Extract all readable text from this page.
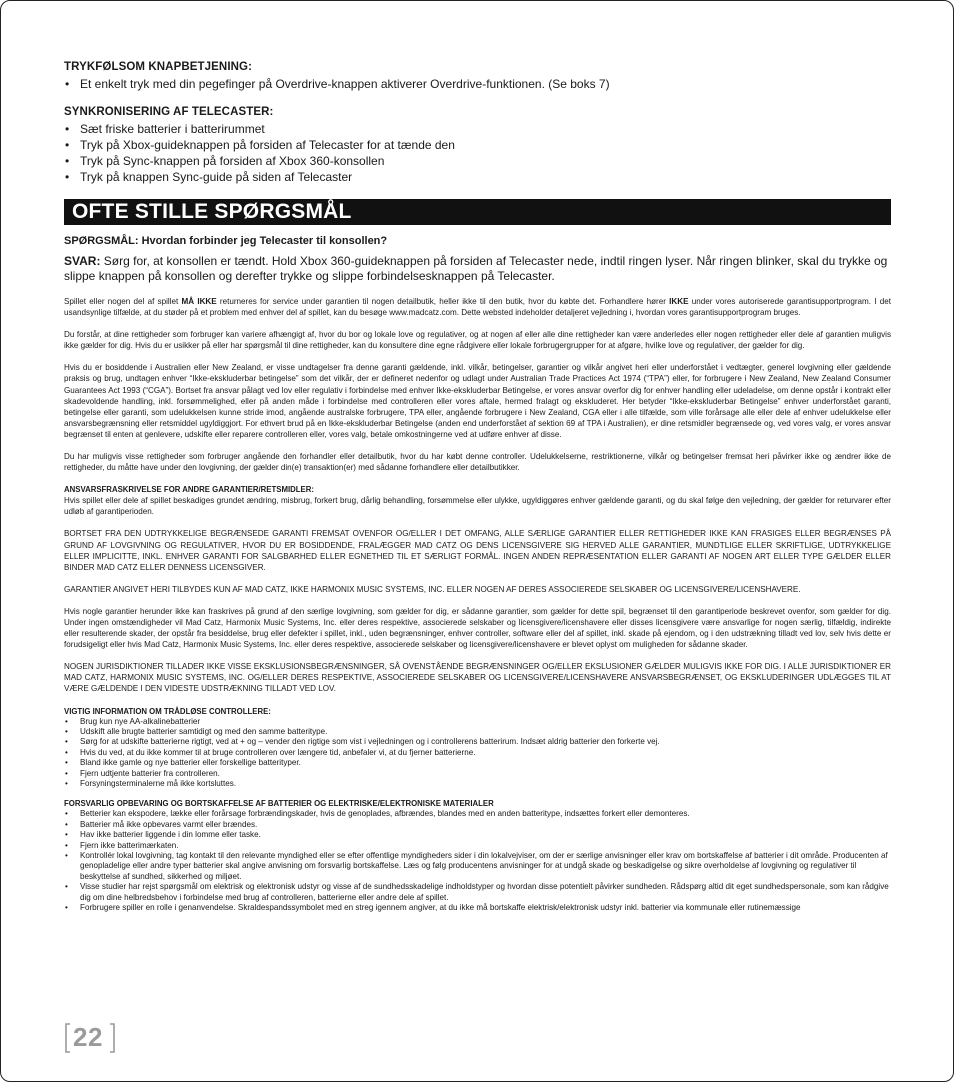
TRYKFØLSOM KNAPBETJENING:
• Et enkelt tryk med din pegefinger på Overdrive-knappen aktiverer Overdrive-funktionen. (Se boks 7)
SYNKRONISERING AF TELECASTER:
• Sæt friske batterier i batterirummet
• Tryk på Xbox-guideknappen på forsiden af Telecaster for at tænde den
• Tryk på Sync-knappen på forsiden af Xbox 360-konsollen
• Tryk på knappen Sync-guide på siden af Telecaster
OFTE STILLE SPØRGSMÅL
SPØRGSMÅL: Hvordan forbinder jeg Telecaster til konsollen?
SVAR: Sørg for, at konsollen er tændt. Hold Xbox 360-guideknappen på forsiden af Telecaster nede, indtil ringen lyser. Når ringen blinker, skal du trykke og slippe knappen på konsollen og derefter trykke og slippe forbindelsesknappen på Telecaster.

Spillet eller nogen del af spillet MÅ IKKE returneres for service under garantien til nogen detailbutik, heller ikke til den butik, hvor du købte det. Forhandlere hører IKKE under vores autoriserede garantisupportprogram. I det usandsynlige tilfælde, at du støder på et problem med enhver del af spillet, kan du besøge www.madcatz.com. Dette websted indeholder detaljeret vejledning i, hvordan vores garantisupportprogram bruges.

Du forstår, at dine rettigheder som forbruger kan variere afhængigt af, hvor du bor og lokale love og regulativer, og at nogen af eller alle dine rettigheder kan være anderledes eller nogen rettigheder eller dele af garantien muligvis ikke gælder for dig. Hvis du er usikker på eller har spørgsmål til dine rettigheder, kan du konsultere dine egne rådgivere eller lokale forbrugergrupper for at afgøre, hvilke love og regulativer, der gælder for dig.

Hvis du er bosiddende i Australien eller New Zealand, er visse undtagelser fra denne garanti gældende, inkl. vilkår, betingelser, garantier og vilkår angivet heri eller underforstået i vedtægter, generel lovgivning eller gældende praksis og brug, undtagen enhver “Ikke-ekskluderbar betingelse” som det vilkår, der er defineret nedenfor og udlagt under Australian Trade Practices Act 1974 (“TPA”) eller, for forbrugere i New Zealand, New Zealand Consumer Guarantees Act 1993 (“CGA”). Bortset fra ansvar pålagt ved lov eller regulativ i forbindelse med enhver Ikke-ekskluderbar Betingelse, er vores ansvar overfor dig for enhver handling eller udeladelse, om denne opstår i kontrakt eller skadevoldende handling, inkl. forsømmelighed, eller på anden måde i forbindelse med controlleren eller vores aftale, hermed fralagt og ekskluderet. Her betyder “Ikke-ekskluderbar Betingelse” enhver underforstået garanti, betingelse eller garanti, som udelukkelsen kunne stride imod, angående australske forbrugere, TPA eller, angående forbrugere i New Zealand, CGA eller i alle tilfælde, som ville forårsage alle eller dele af enhver udelukkelse eller ansvarsbegrænsning eller retsmiddel ugyldiggjort. For ethvert brud på en Ikke-ekskluderbar Betingelse (anden end underforstået af sektion 69 af TPA i Australien), er dine retsmidler begrænsede og, ved vores valg, er vores ansvar begrænset til enten at genlevere, udskifte eller reparere controlleren eller, vores valg, betale omkostningerne ved at udføre enhver af disse.

Du har muligvis visse rettigheder som forbruger angående den forhandler eller detailbutik, hvor du har købt denne controller. Udelukkelserne, restriktionerne, vilkår og betingelser fremsat heri påvirker ikke og ændrer ikke de rettigheder, du måtte have under den lovgivning, der gælder din(e) transaktion(er) med sådanne forhandlere eller detailbutikker.

ANSVARSFRASKRIVELSE FOR ANDRE GARANTIER/RETSMIDLER:

Hvis spillet eller dele af spillet beskadiges grundet ændring, misbrug, forkert brug, dårlig behandling, forsømmelse eller ulykke, ugyldiggøres enhver gældende garanti, og du skal følge den vejledning, der gælder for returvarer efter udløb af garantiperioden.

BORTSET FRA DEN UDTRYKKELIGE BEGRÆNSEDE GARANTI FREMSAT OVENFOR OG/ELLER I DET OMFANG, ALLE SÆRLIGE GARANTIER ELLER RETTIGHEDER IKKE KAN FRASIGES ELLER BEGRÆNSES PÅ GRUND AF LOVGIVNING OG REGULATIVER, HVOR DU ER BOSIDDENDE, FRALÆGGER MAD CATZ OG DENS LICENSGIVERE SIG HERVED ALLE GARANTIER, MUNDTLIGE ELLER SKRIFTLIGE, UDTRYKKELIGE ELLER IMPLICITTE, INKL. ENHVER GARANTI FOR SALGBARHED ELLER EGNETHED TIL ET SÆRLIGT FORMÅL. INGEN ANDEN REPRÆSENTATION ELLER GARANTI AF NOGEN ART ELLER TYPE GÆLDER ELLER BINDER MAD CATZ ELLER DENNESS LICENSGIVER.

GARANTIER ANGIVET HERI TILBYDES KUN AF MAD CATZ, IKKE HARMONIX MUSIC SYSTEMS, INC. ELLER NOGEN AF DERES ASSOCIEREDE SELSKABER OG LICENSGIVERE/LICENSHAVERE.

Hvis nogle garantier herunder ikke kan fraskrives på grund af den særlige lovgivning, som gælder for dig, er sådanne garantier, som gælder for dette spil, begrænset til den garantiperiode beskrevet ovenfor, som gælder for dig. Under ingen omstændigheder vil Mad Catz, Harmonix Music Systems, Inc. eller deres respektive, associerede selskaber og licensgivere/licenshavere eller disses licensgivere være ansvarlige for nogen særlig, tilfældig, indirekte eller resulterende skader, der opstår fra besiddelse, brug eller defekter i spillet, inkl., uden begrænsninger, enhver controller, software eller del af spillet, inkl. skade på ejendom, og i den udstrækning tilladt ved lov, selv hvis dette er forudsigeligt eller hvis Mad Catz, Harmonix Music Systems, Inc. eller deres respektive, associerede selskaber og licensgivere/licenshavere er blevet oplyst om muligheden for sådanne skader.

NOGEN JURISDIKTIONER TILLADER IKKE VISSE EKSKLUSIONSBEGRÆNSNINGER, SÅ OVENSTÅENDE BEGRÆNSNINGER OG/ELLER EKSLUSIONER GÆLDER MULIGVIS IKKE FOR DIG. I ALLE JURISDIKTIONER ER MAD CATZ, HARMONIX MUSIC SYSTEMS, INC. OG/ELLER DERES RESPEKTIVE, ASSOCIEREDE SELSKABER OG LICENSGIVERE/LICENSHAVERE ANSVARSBEGRÆNSET, OG EKSKLUDERINGER UDLÆGGES TIL AT VÆRE GÆLDENDE I DEN VIDESTE UDSTRÆKNING TILLADT VED LOV.

VIGTIG INFORMATION OM TRÅDLØSE CONTROLLERE:
• Brug kun nye AA-alkalinebatterier
• Udskift alle brugte batterier samtidigt og med den samme batteritype.
• Sørg for at udskifte batterierne rigtigt, ved at + og – vender den rigtige som vist i vejledningen og i controllerens batterirum. Indsæt aldrig batterier den forkerte vej.
• Hvis du ved, at du ikke kommer til at bruge controlleren over længere tid, anbefaler vi, at du fjerner batterierne.
• Bland ikke gamle og nye batterier eller forskellige batterityper.
• Fjern udtjente batterier fra controlleren.
• Forsyningsterminalerne må ikke kortsluttes.
FORSVARLIG OPBEVARING OG BORTSKAFFELSE AF BATTERIER OG ELEKTRISKE/ELEKTRONISKE MATERIALER
• Betterier kan ekspodere, lække eller forårsage forbrændingskader, hvis de genoplades, afbrændes, blandes med en anden batteritype, indsættes forkert eller demonteres.
• Batterier må ikke opbevares varmt eller brændes.
• Hav ikke batterier liggende i din lomme eller taske.
• Fjern ikke batterimærkaten.
• Kontrollér lokal lovgivning, tag kontakt til den relevante myndighed eller se efter offentlige myndigheders sider i din lokalvejviser, om der er særlige anvisninger eller krav om bortskaffelse af batterier i dit område. Producenten af genopladelige eller andre typer batterier skal angive anvisning om forsvarlig bortskaffelse. Læs og følg producentens anvisninger for at undgå skade og beskadigelse og sikre overholdelse af lovgivning og regulativer til beskyttelse af sundhed, sikkerhed og miljøet.
• Visse studier har rejst spørgsmål om elektrisk og elektronisk udstyr og visse af de sundhedsskadelige indholdstyper og hvordan disse potentielt påvirker sundheden. Rådspørg altid dit eget sundhedspersonale, som kan rådgive dig om dine helbredsbehov i forbindelse med brug af controlleren, batterierne eller andre dele af spillet.
• Forbrugere spiller en rolle i genanvendelse. Skraldespandssymbolet med en streg igennem angiver, at du ikke må bortskaffe elektrisk/elektronisk udstyr inkl. batterier via kommunale eller rutinemæssige
22
